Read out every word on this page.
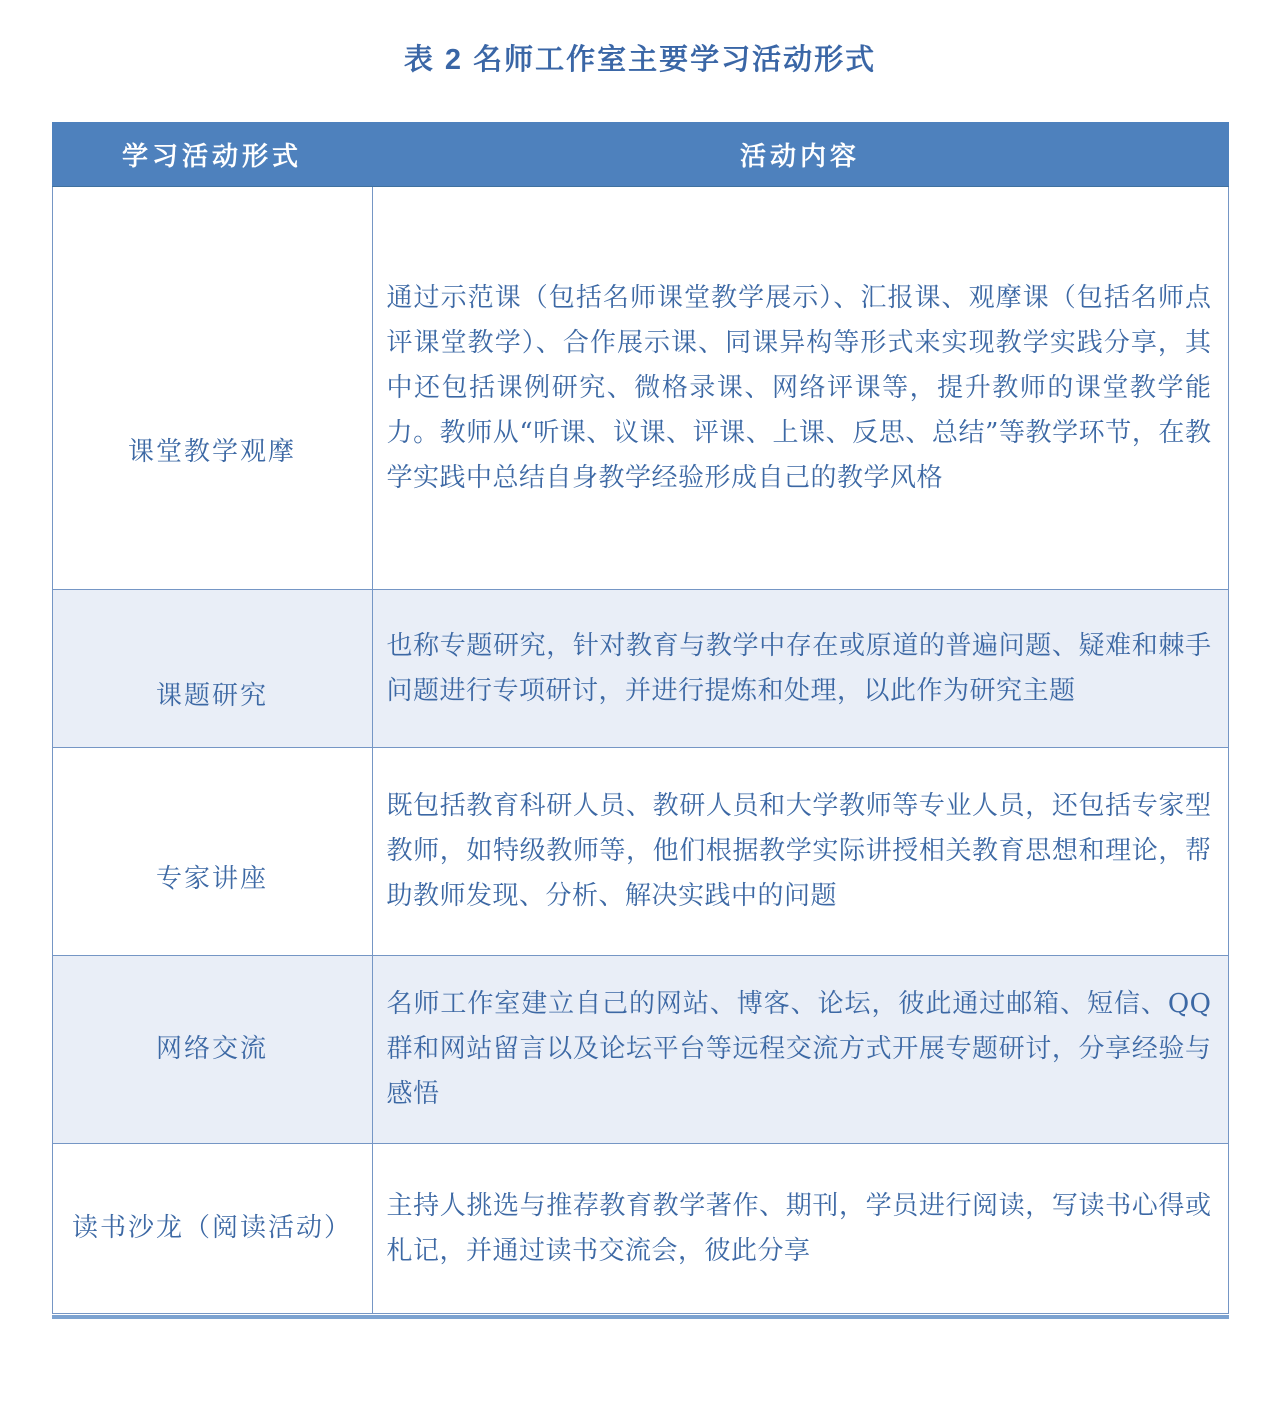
表 2 名师工作室主要学习活动形式
学习活动形式	活动内容
课堂教学观摩	通过示范课（包括名师课堂教学展示）、汇报课、观摩课（包括名师点评课堂教学）、合作展示课、同课异构等形式来实现教学实践分享，其中还包括课例研究、微格录课、网络评课等，提升教师的课堂教学能力。教师从“听课、议课、评课、上课、反思、总结”等教学环节，在教学实践中总结自身教学经验形成自己的教学风格
课题研究	也称专题研究，针对教育与教学中存在或原道的普遍问题、疑难和棘手问题进行专项研讨，并进行提炼和处理，以此作为研究主题
专家讲座	既包括教育科研人员、教研人员和大学教师等专业人员，还包括专家型教师，如特级教师等，他们根据教学实际讲授相关教育思想和理论，帮助教师发现、分析、解决实践中的问题
网络交流	名师工作室建立自己的网站、博客、论坛，彼此通过邮箱、短信、QQ 群和网站留言以及论坛平台等远程交流方式开展专题研讨，分享经验与感悟
读书沙龙（阅读活动）	主持人挑选与推荐教育教学著作、期刊，学员进行阅读，写读书心得或札记，并通过读书交流会，彼此分享
